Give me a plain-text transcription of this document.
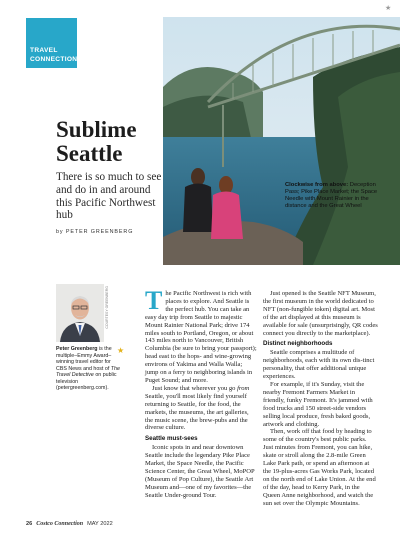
TRAVEL
CONNECTION
★
Sublime
Seattle
There is so much to see and do in and around this Pacific Northwest hub
by PETER GREENBERG
Clockwise from above: Deception Pass; Pike Place Market; the Space Needle with Mount Rainier in the distance and the Great Wheel
COURTESY GREENBERG
Peter Greenberg is the multiple–Emmy Award–winning travel editor for CBS News and host of The Travel Detective on public television (petergreenberg.com).
★

The Pacific Northwest is rich with places to explore. And Seattle is the perfect hub. You can take an easy day trip from Seattle to majestic Mount Rainier National Park; drive 174 miles south to Portland, Oregon, or about 143 miles north to Vancouver, British Columbia (be sure to bring your passport); head east to the hops- and wine-growing environs of Yakima and Walla Walla; jump on a ferry to neighboring islands in Puget Sound; and more.

Just know that wherever you go from Seattle, you'll most likely find yourself returning to Seattle, for the food, the markets, the museums, the art galleries, the music scene, the brew-pubs and the diverse culture.

Seattle must-sees

Iconic spots in and near downtown Seattle include the legendary Pike Place Market, the Space Needle, the Pacific Science Center, the Great Wheel, MoPOP (Museum of Pop Culture), the Seattle Art Museum and—one of my favorites—the Seattle Under-ground Tour.

Just opened is the Seattle NFT Museum, the first museum in the world dedicated to NFT (non-fungible token) digital art. Most of the art displayed at this museum is available for sale (unsurprisingly, QR codes connect you directly to the marketplace).

Distinct neighborhoods

Seattle comprises a multitude of neighborhoods, each with its own dis-tinct personality, that offer additional unique experiences.

For example, if it's Sunday, visit the nearby Fremont Farmers Market in friendly, funky Fremont. It's jammed with food trucks and 150 street-side vendors selling local produce, fresh baked goods, artwork and clothing.

Then, work off that food by heading to some of the country's best public parks. Just minutes from Fremont, you can hike, skate or stroll along the 2.8-mile Green Lake Park path, or spend an afternoon at the 19-plus-acres Gas Works Park, located on the north end of Lake Union. At the end of the day, head to Kerry Park, in the Queen Anne neighborhood, and watch the sun set over the Olympic Mountains.

26 Costco Connection MAY 2022
